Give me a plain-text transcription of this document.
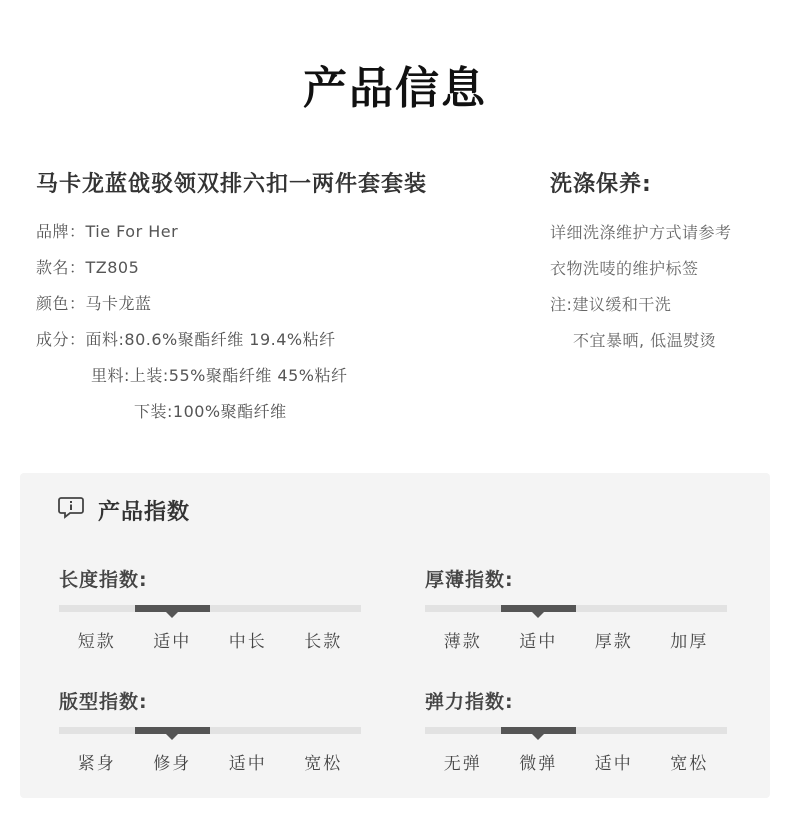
产品信息
马卡龙蓝戗驳领双排六扣一两件套套装	洗涤保养:
品牌：Tie For Her
款名：TZ805
颜色：马卡龙蓝
成分：面料:80.6%聚酯纤维 19.4%粘纤
里料:上装:55%聚酯纤维 45%粘纤
下装:100%聚酯纤维
详细洗涤维护方式请参考
衣物洗唛的维护标签
注:建议缓和干洗
不宜暴晒, 低温熨烫
产品指数
长度指数:
短款	适中	中长	长款
厚薄指数:
薄款	适中	厚款	加厚
版型指数:
紧身	修身	适中	宽松
弹力指数:
无弹	微弹	适中	宽松
